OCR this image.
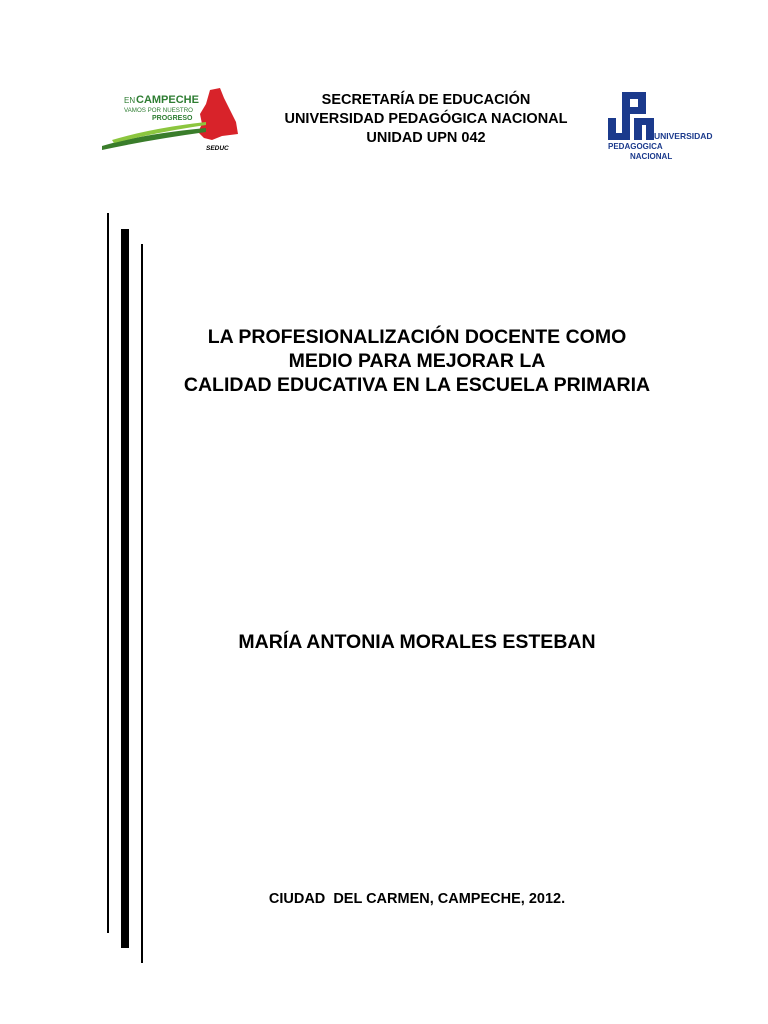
EN CAMPECHE
VAMOS POR NUESTRO
PROGRESO
SEDUC
SECRETARÍA DE EDUCACIÓN
UNIVERSIDAD PEDAGÓGICA NACIONAL
UNIDAD UPN 042	UNIVERSIDAD
PEDAGOGICA
NACIONAL
LA PROFESIONALIZACIÓN DOCENTE COMO
MEDIO PARA MEJORAR LA
CALIDAD EDUCATIVA EN LA ESCUELA PRIMARIA
MARÍA ANTONIA MORALES ESTEBAN
CIUDAD  DEL CARMEN, CAMPECHE, 2012.
